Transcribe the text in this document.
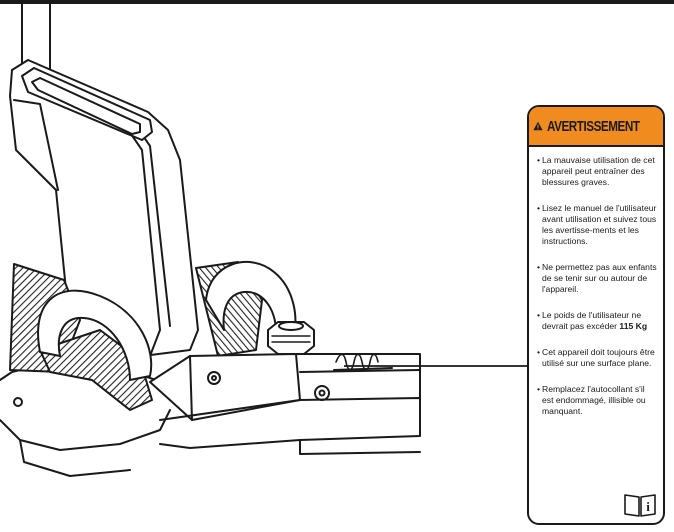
AVERTISSEMENT
• La mauvaise utilisation de cet appareil peut entraîner des blessures graves.
• Lisez le manuel de l'utilisateur avant utilisation et suivez tous les avertisse-ments et les instructions.
• Ne permettez pas aux enfants de se tenir sur ou autour de l'appareil.
• Le poids de l'utilisateur ne devrait pas excéder 115 Kg
• Cet appareil doit toujours être utilisé sur une surface plane.
• Remplacez l'autocollant s'il est endommagé, illisible ou manquant.
i
